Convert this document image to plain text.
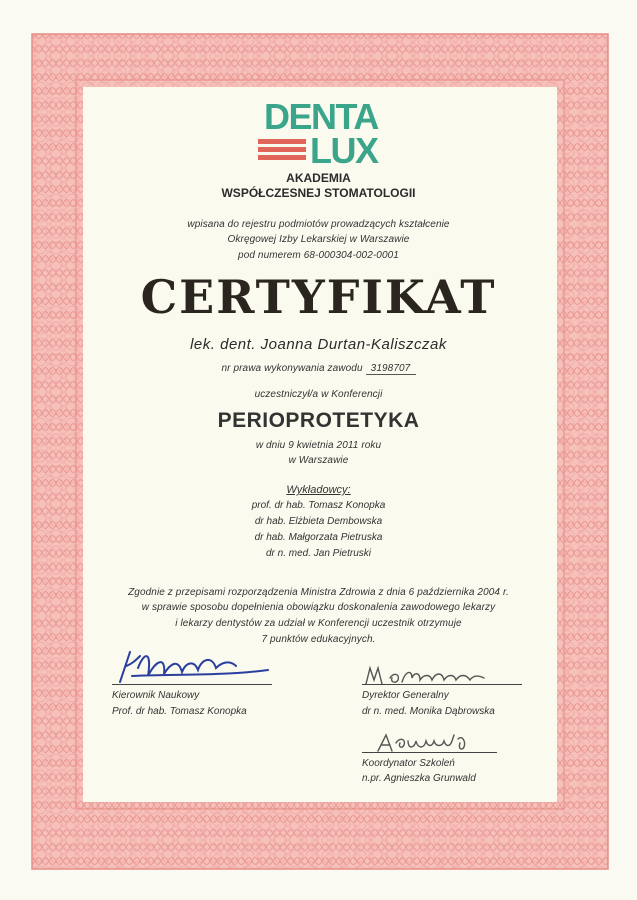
DENTA
LUX
AKADEMIA
WSPÓŁCZESNEJ STOMATOLOGII
wpisana do rejestru podmiotów prowadzących kształcenie
Okręgowej Izby Lekarskiej w Warszawie
pod numerem 68-000304-002-0001
CERTYFIKAT
lek. dent. Joanna Durtan-Kaliszczak
nr prawa wykonywania zawodu 3198707
uczestniczył/a w Konferencji
PERIOPROTETYKA
w dniu 9 kwietnia 2011 roku
w Warszawie
Wykładowcy:
prof. dr hab. Tomasz Konopka
dr hab. Elżbieta Dembowska
dr hab. Małgorzata Pietruska
dr n. med. Jan Pietruski
Zgodnie z przepisami rozporządzenia Ministra Zdrowia z dnia 6 października 2004 r.
w sprawie sposobu dopełnienia obowiązku doskonalenia zawodowego lekarzy
i lekarzy dentystów za udział w Konferencji uczestnik otrzymuje
7 punktów edukacyjnych.
Kierownik Naukowy
Prof. dr hab. Tomasz Konopka
Dyrektor Generalny
dr n. med. Monika Dąbrowska
Koordynator Szkoleń
n.pr. Agnieszka Grunwald
